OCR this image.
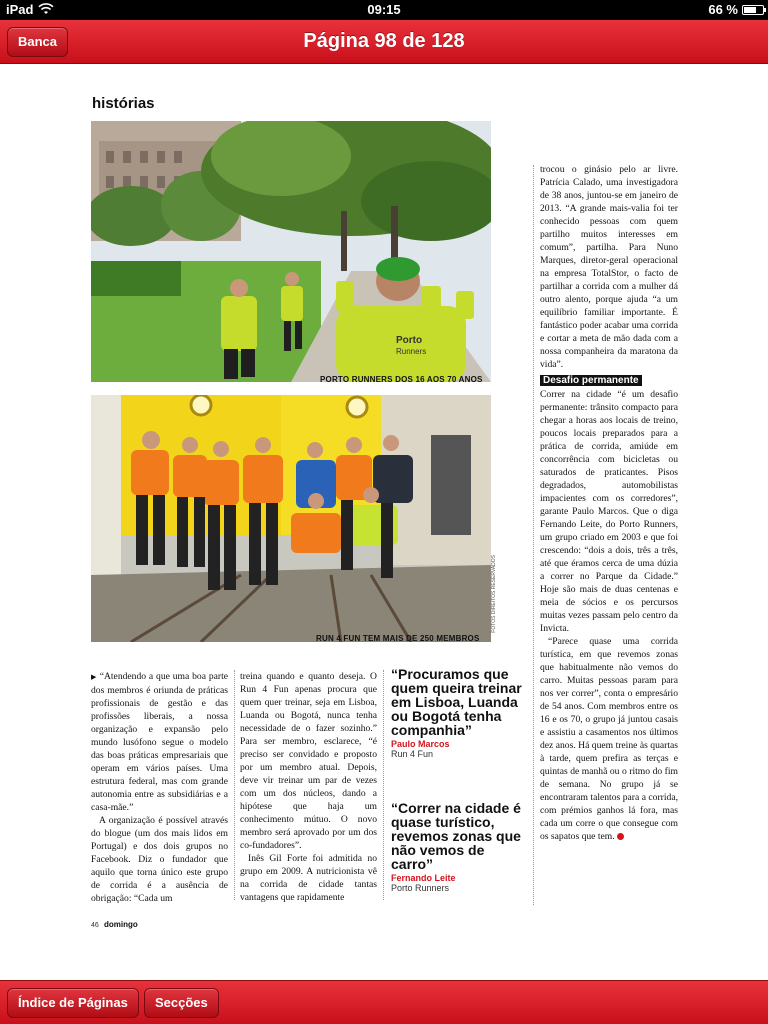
iPad	09:15	66 %
Banca	Página 98 de 128
histórias
Porto
Runners
PORTO RUNNERS DOS 16 AOS 70 ANOS
RUN 4 FUN TEM MAIS DE 250 MEMBROS
FOTOS DIREITOS RESERVADOS

▶ “Atendendo a que uma boa parte dos membros é oriunda de práticas profissionais de gestão e das profissões liberais, a nossa organização e expansão pelo mundo lusófono segue o modelo das boas práticas empresariais que operam em vários países. Uma estrutura federal, mas com grande autonomia entre as subsidiárias e a casa-mãe.”

A organização é possível através do blogue (um dos mais lidos em Portugal) e dos dois grupos no Facebook. Diz o fundador que aquilo que torna único este grupo de corrida é a ausência de obrigação: “Cada um

treina quando e quanto deseja. O Run 4 Fun apenas procura que quem quer treinar, seja em Lisboa, Luanda ou Bogotá, nunca tenha necessidade de o fazer sozinho.” Para ser membro, esclarece, “é preciso ser convidado e proposto por um membro atual. Depois, deve vir treinar um par de vezes com um dos núcleos, dando a hipótese que haja um conhecimento mútuo. O novo membro será aprovado por um dos co-fundadores”.

Inês Gil Forte foi admitida no grupo em 2009. A nutricionista vê na corrida de cidade tantas vantagens que rapidamente

“Procuramos que quem queira treinar em Lisboa, Luanda ou Bogotá tenha companhia”
Paulo Marcos
Run 4 Fun
“Correr na cidade é quase turístico, revemos zonas que não vemos de carro”
Fernando Leite
Porto Runners

trocou o ginásio pelo ar livre. Patrícia Calado, uma investigadora de 38 anos, juntou-se em janeiro de 2013. “A grande mais-valia foi ter conhecido pessoas com quem partilho muitos interesses em comum”, partilha. Para Nuno Marques, diretor-geral operacional na empresa TotalStor, o facto de partilhar a corrida com a mulher dá outro alento, porque ajuda “a um equilíbrio familiar importante. É fantástico poder acabar uma corrida e cortar a meta de mão dada com a nossa companheira da maratona da vida”.

Desafio permanente

Correr na cidade “é um desafio permanente: trânsito compacto para chegar a horas aos locais de treino, poucos locais preparados para a prática de corrida, amiúde em concorrência com bicicletas ou saturados de praticantes. Pisos degradados, automobilistas impacientes com os corredores”, garante Paulo Marcos. Que o diga Fernando Leite, do Porto Runners, um grupo criado em 2003 e que foi crescendo: “dois a dois, três a três, até que éramos cerca de uma dúzia a correr no Parque da Cidade.” Hoje são mais de duas centenas e meia de sócios e os percursos muitas vezes passam pelo centro da Invicta.

“Parece quase uma corrida turística, em que revemos zonas que habitualmente não vemos do carro. Muitas pessoas param para nos ver correr”, conta o empresário de 54 anos. Com membros entre os 16 e os 70, o grupo já juntou casais e assistiu a casamentos nos últimos dez anos. Há quem treine às quartas à tarde, quem prefira as terças e quintas de manhã ou o ritmo do fim de semana. No grupo já se encontraram talentos para a corrida, com prémios ganhos lá fora, mas cada um corre o que consegue com os sapatos que tem.

46 domingo
Índice de Páginas	Secções
